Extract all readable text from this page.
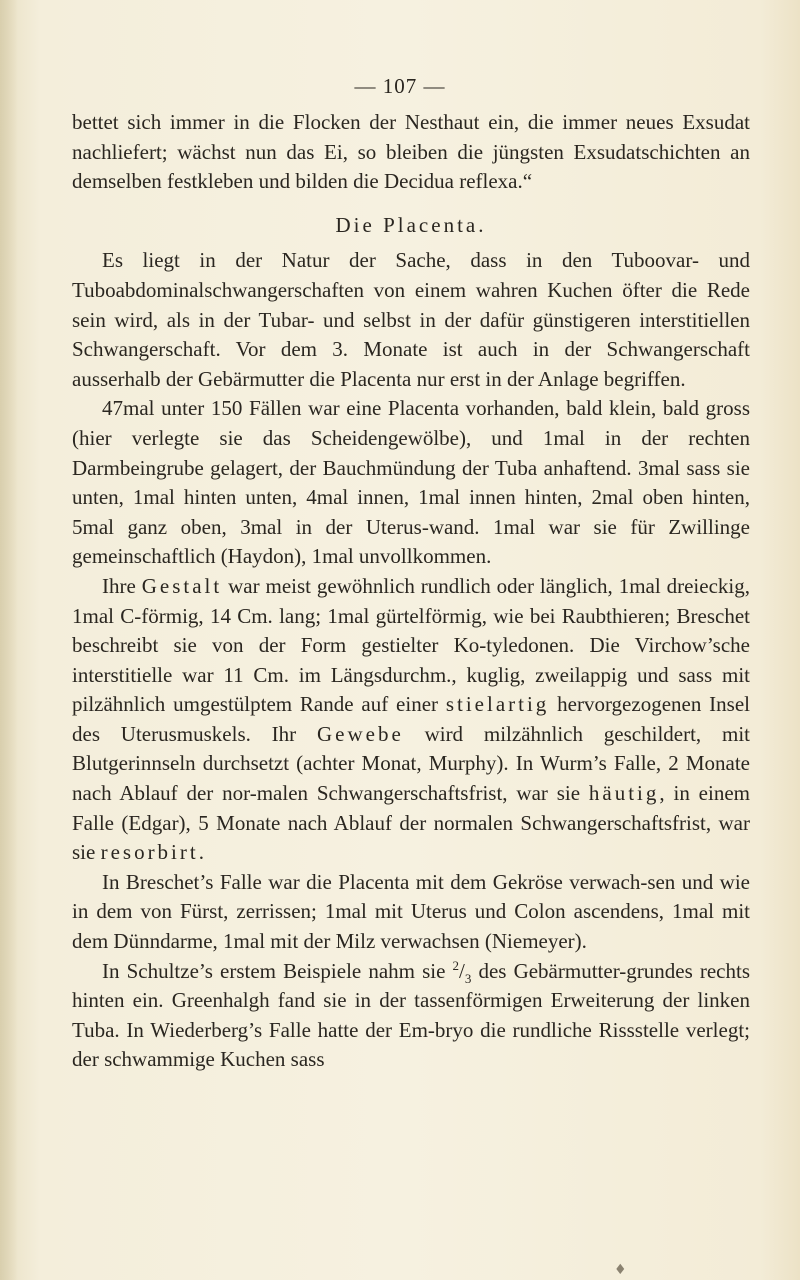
— 107 —

bettet sich immer in die Flocken der Nesthaut ein, die immer neues Exsudat nachliefert; wächst nun das Ei, so bleiben die jüngsten Exsudatschichten an demselben festkleben und bilden die Decidua reflexa.“

Die Placenta.

Es liegt in der Natur der Sache, dass in den Tuboovar- und Tuboabdominalschwangerschaften von einem wahren Kuchen öfter die Rede sein wird, als in der Tubar- und selbst in der dafür günstigeren interstitiellen Schwangerschaft. Vor dem 3. Monate ist auch in der Schwangerschaft ausserhalb der Gebärmutter die Placenta nur erst in der Anlage begriffen.

47mal unter 150 Fällen war eine Placenta vorhanden, bald klein, bald gross (hier verlegte sie das Scheidengewölbe), und 1mal in der rechten Darmbeingrube gelagert, der Bauchmündung der Tuba anhaftend. 3mal sass sie unten, 1mal hinten unten, 4mal innen, 1mal innen hinten, 2mal oben hinten, 5mal ganz oben, 3mal in der Uterus-wand. 1mal war sie für Zwillinge gemeinschaftlich (Haydon), 1mal unvollkommen.

Ihre Gestalt war meist gewöhnlich rundlich oder länglich, 1mal dreieckig, 1mal C-förmig, 14 Cm. lang; 1mal gürtelförmig, wie bei Raubthieren; Breschet beschreibt sie von der Form gestielter Ko-tyledonen. Die Virchow’sche interstitielle war 11 Cm. im Längsdurchm., kuglig, zweilappig und sass mit pilzähnlich umgestülptem Rande auf einer stielartig hervorgezogenen Insel des Uterusmuskels. Ihr Gewebe wird milzähnlich geschildert, mit Blutgerinnseln durchsetzt (achter Monat, Murphy). In Wurm’s Falle, 2 Monate nach Ablauf der nor-malen Schwangerschaftsfrist, war sie häutig, in einem Falle (Edgar), 5 Monate nach Ablauf der normalen Schwangerschaftsfrist, war sie resorbirt.

In Breschet’s Falle war die Placenta mit dem Gekröse verwach-sen und wie in dem von Fürst, zerrissen; 1mal mit Uterus und Colon ascendens, 1mal mit dem Dünndarme, 1mal mit der Milz verwachsen (Niemeyer).

In Schultze’s erstem Beispiele nahm sie $^2/_3$ des Gebärmutter-grundes rechts hinten ein. Greenhalgh fand sie in der tassenförmigen Erweiterung der linken Tuba. In Wiederberg’s Falle hatte der Em-bryo die rundliche Rissstelle verlegt; der schwammige Kuchen sass

♦
